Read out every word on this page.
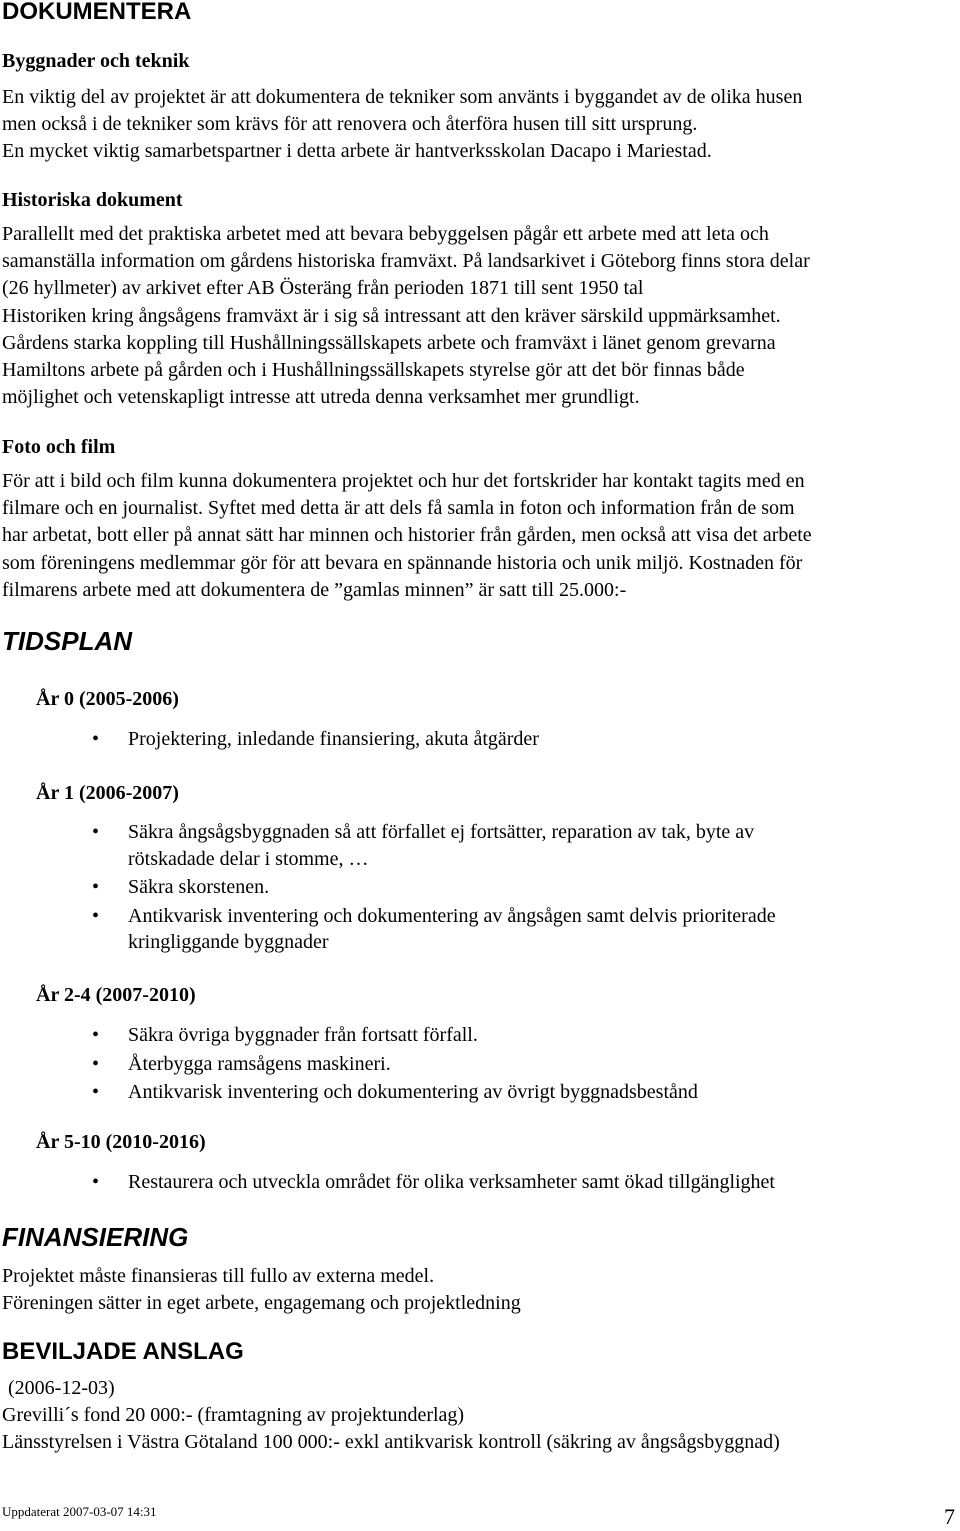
DOKUMENTERA
Byggnader och teknik
En viktig del av projektet är att dokumentera de tekniker som använts i byggandet av de olika husen
men också i de tekniker som krävs för att renovera och återföra husen till sitt ursprung.
En mycket viktig samarbetspartner i detta arbete är hantverksskolan Dacapo i Mariestad.
Historiska dokument
Parallellt med det praktiska arbetet med att bevara bebyggelsen pågår ett arbete med att leta och
samanställa information om gårdens historiska framväxt. På landsarkivet i Göteborg finns stora delar
(26 hyllmeter) av arkivet efter AB Österäng från perioden 1871 till sent 1950 tal
Historiken kring ångsågens framväxt är i sig så intressant att den kräver särskild uppmärksamhet.
Gårdens starka koppling till Hushållningssällskapets arbete och framväxt i länet genom grevarna
Hamiltons arbete på gården och i Hushållningssällskapets styrelse gör att det bör finnas både
möjlighet och vetenskapligt intresse att utreda denna verksamhet mer grundligt.
Foto och film
För att i bild och film kunna dokumentera projektet och hur det fortskrider har kontakt tagits med en
filmare och en journalist. Syftet med detta är att dels få samla in foton och information från de som
har arbetat, bott eller på annat sätt har minnen och historier från gården, men också att visa det arbete
som föreningens medlemmar gör för att bevara en spännande historia och unik miljö. Kostnaden för
filmarens arbete med att dokumentera de ”gamlas minnen” är satt till 25.000:-
TIDSPLAN
År 0 (2005-2006)
• Projektering, inledande finansiering, akuta åtgärder
År 1 (2006-2007)
• Säkra ångsågsbyggnaden så att förfallet ej fortsätter, reparation av tak, byte av
rötskadade delar i stomme, …
• Säkra skorstenen.
• Antikvarisk inventering och dokumentering av ångsågen samt delvis prioriterade
kringliggande byggnader
År 2-4 (2007-2010)
• Säkra övriga byggnader från fortsatt förfall.
• Återbygga ramsågens maskineri.
• Antikvarisk inventering och dokumentering av övrigt byggnadsbestånd
År 5-10 (2010-2016)
• Restaurera och utveckla området för olika verksamheter samt ökad tillgänglighet
FINANSIERING
Projektet måste finansieras till fullo av externa medel.
Föreningen sätter in eget arbete, engagemang och projektledning
BEVILJADE ANSLAG
(2006-12-03)
Grevilli´s fond 20 000:- (framtagning av projektunderlag)
Länsstyrelsen i Västra Götaland 100 000:- exkl antikvarisk kontroll (säkring av ångsågsbyggnad)
Uppdaterat 2007-03-07 14:31	7
